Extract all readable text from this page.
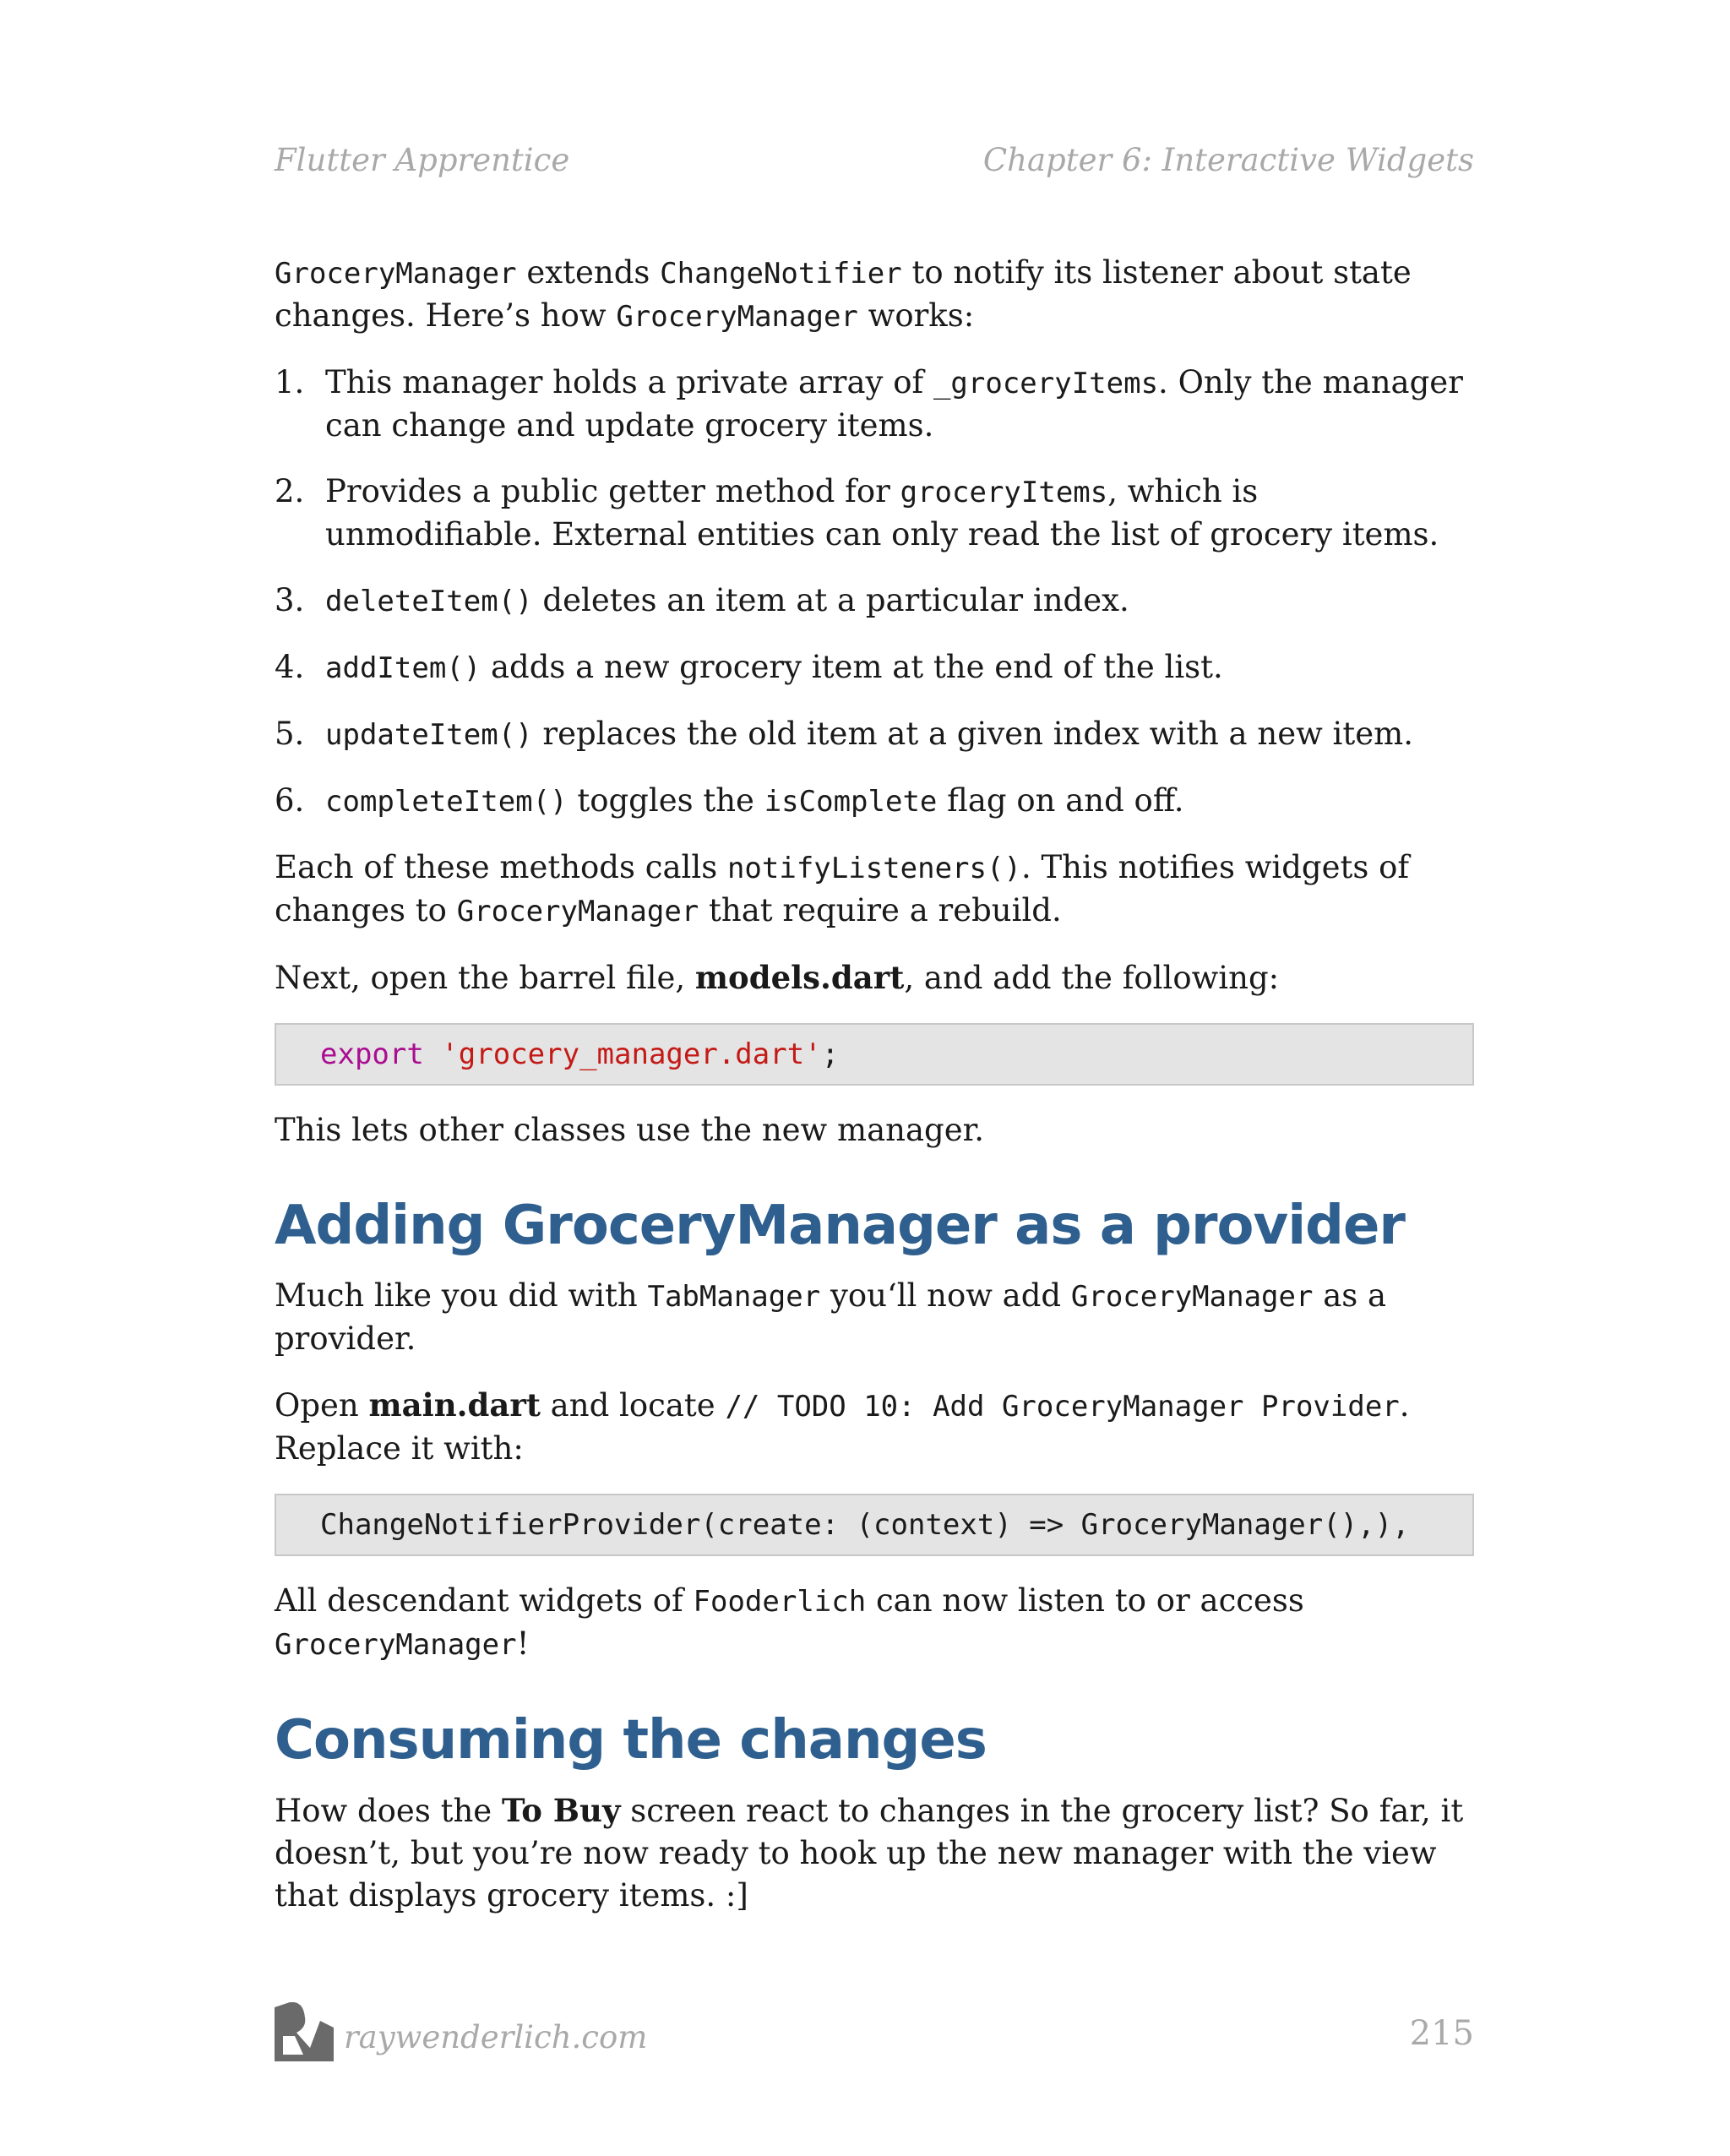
Flutter Apprentice	Chapter 6: Interactive Widgets

GroceryManager extends ChangeNotifier to notify its listener about state changes. Here’s how GroceryManager works:

1. This manager holds a private array of _groceryItems. Only the manager can change and update grocery items.
2. Provides a public getter method for groceryItems, which is unmodifiable. External entities can only read the list of grocery items.
3. deleteItem() deletes an item at a particular index.
4. addItem() adds a new grocery item at the end of the list.
5. updateItem() replaces the old item at a given index with a new item.
6. completeItem() toggles the isComplete flag on and off.

Each of these methods calls notifyListeners(). This notifies widgets of changes to GroceryManager that require a rebuild.

Next, open the barrel file, models.dart, and add the following:

export 'grocery_manager.dart';

This lets other classes use the new manager.

Adding GroceryManager as a provider

Much like you did with TabManager you‘ll now add GroceryManager as a provider.

Open main.dart and locate // TODO 10: Add GroceryManager Provider. Replace it with:

ChangeNotifierProvider(create: (context) => GroceryManager(),),

All descendant widgets of Fooderlich can now listen to or access GroceryManager!

Consuming the changes

How does the To Buy screen react to changes in the grocery list? So far, it doesn’t, but you’re now ready to hook up the new manager with the view that displays grocery items. :]

raywenderlich.com	215
